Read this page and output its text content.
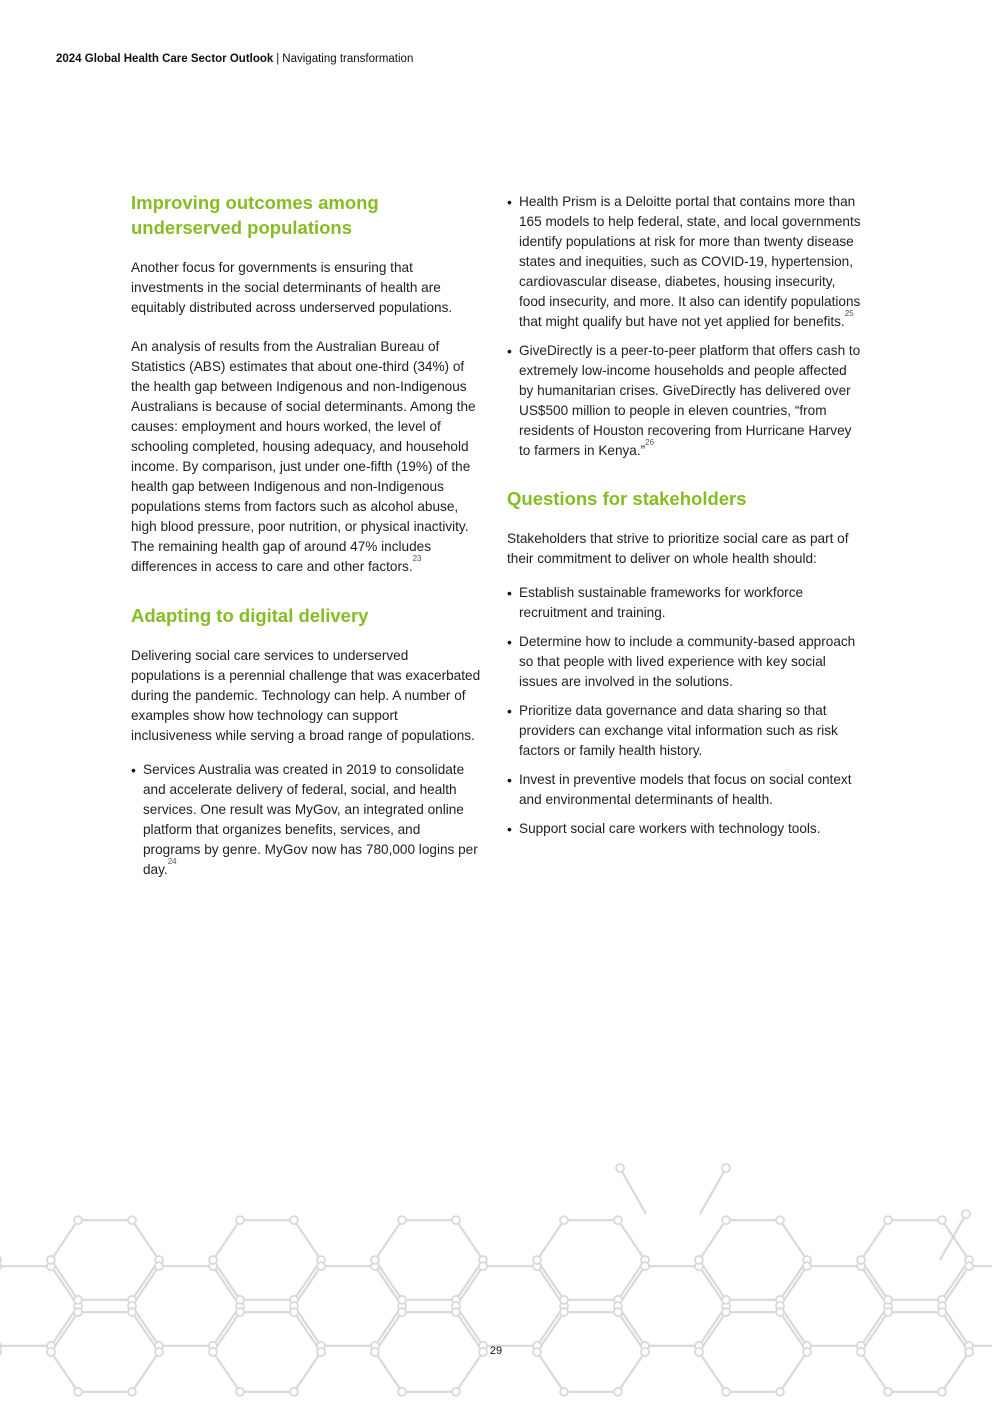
2024 Global Health Care Sector Outlook | Navigating transformation
Improving outcomes among
underserved populations

Another focus for governments is ensuring that investments in the social determinants of health are equitably distributed across underserved populations.

An analysis of results from the Australian Bureau of Statistics (ABS) estimates that about one-third (34%) of the health gap between Indigenous and non-Indigenous Australians is because of social determinants. Among the causes: employment and hours worked, the level of schooling completed, housing adequacy, and household income. By comparison, just under one-fifth (19%) of the health gap between Indigenous and non-Indigenous populations stems from factors such as alcohol abuse, high blood pressure, poor nutrition, or physical inactivity. The remaining health gap of around 47% includes differences in access to care and other factors.$^{23}$

Adapting to digital delivery

Delivering social care services to underserved populations is a perennial challenge that was exacerbated during the pandemic. Technology can help. A number of examples show how technology can support inclusiveness while serving a broad range of populations.

• Services Australia was created in 2019 to consolidate and accelerate delivery of federal, social, and health services. One result was MyGov, an integrated online platform that organizes benefits, services, and programs by genre. MyGov now has 780,000 logins per day.$^{24}$
• Health Prism is a Deloitte portal that contains more than 165 models to help federal, state, and local governments identify populations at risk for more than twenty disease states and inequities, such as COVID-19, hypertension, cardiovascular disease, diabetes, housing insecurity, food insecurity, and more. It also can identify populations that might qualify but have not yet applied for benefits.$^{25}$
• GiveDirectly is a peer-to-peer platform that offers cash to extremely low-income households and people affected by humanitarian crises. GiveDirectly has delivered over US$500 million to people in eleven countries, “from residents of Houston recovering from Hurricane Harvey to farmers in Kenya.”$^{26}$
Questions for stakeholders

Stakeholders that strive to prioritize social care as part of their commitment to deliver on whole health should:

• Establish sustainable frameworks for workforce recruitment and training.
• Determine how to include a community-based approach so that people with lived experience with key social issues are involved in the solutions.
• Prioritize data governance and data sharing so that providers can exchange vital information such as risk factors or family health history.
• Invest in preventive models that focus on social context and environmental determinants of health.
• Support social care workers with technology tools.
29
